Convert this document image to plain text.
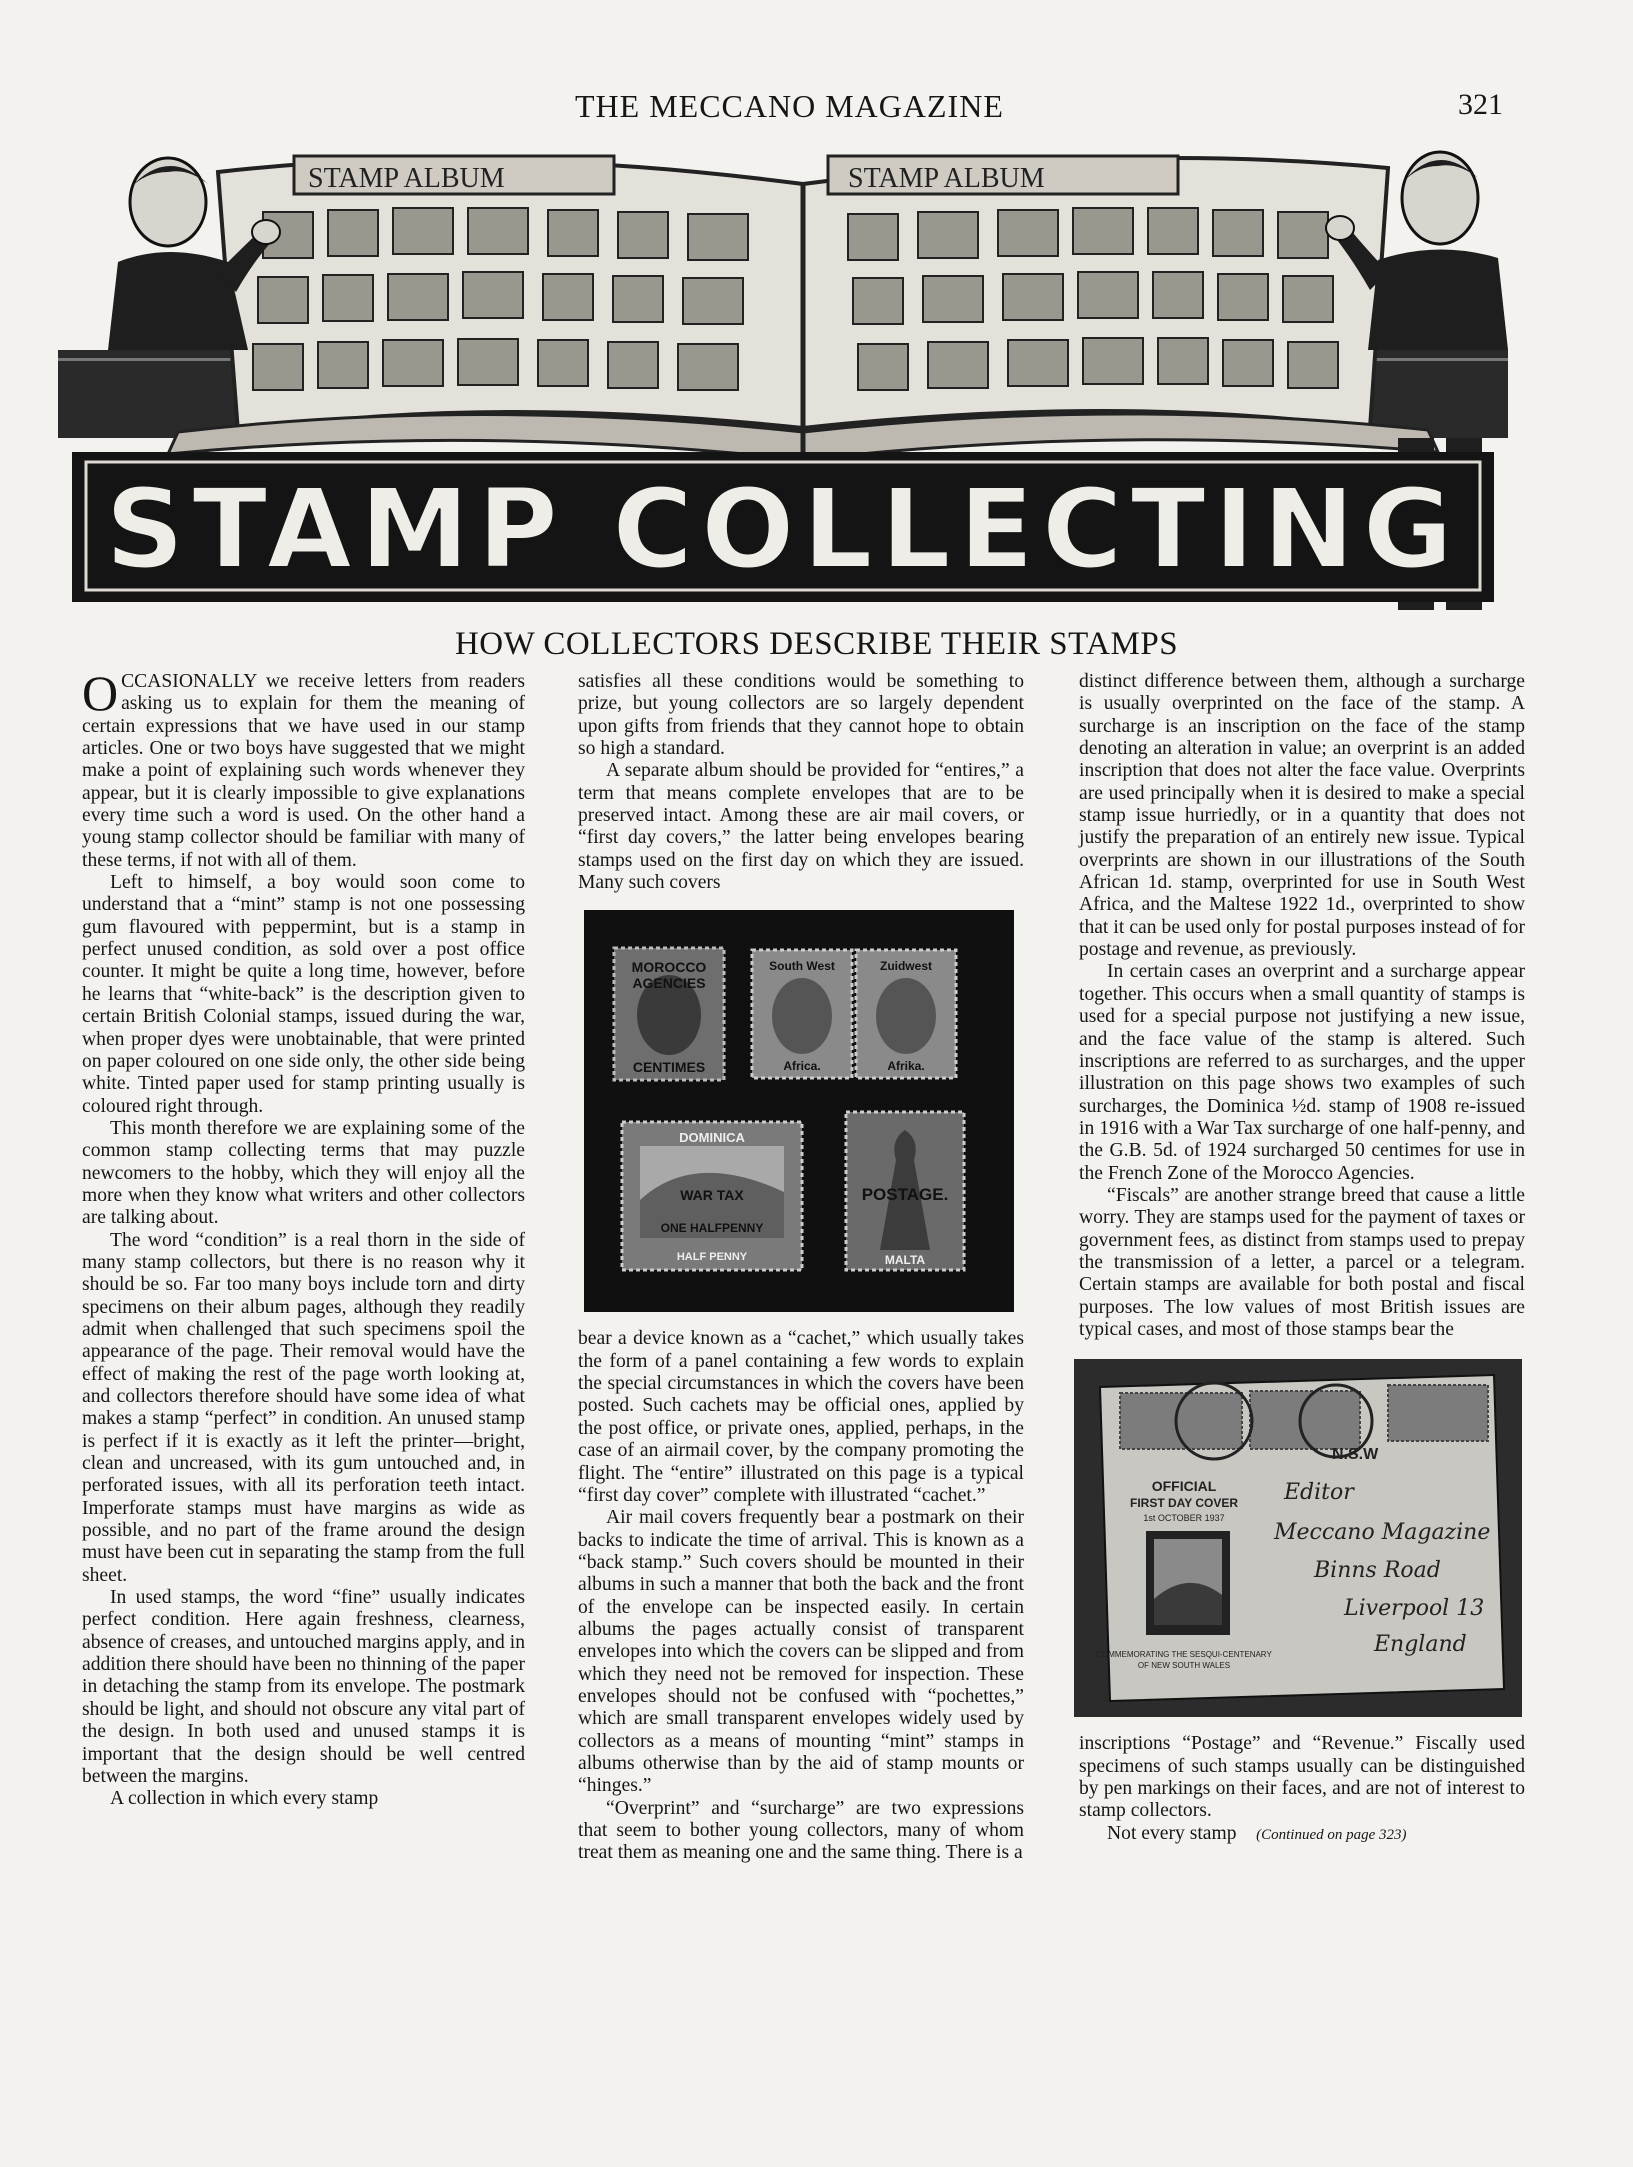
THE MECCANO MAGAZINE	321
STAMP ALBUM	STAMP ALBUM
STAMP COLLECTING
HOW COLLECTORS DESCRIBE THEIR STAMPS

OCCASIONALLY we receive letters from readers asking us to explain for them the meaning of certain expressions that we have used in our stamp articles. One or two boys have suggested that we might make a point of explaining such words whenever they appear, but it is clearly impossible to give explanations every time such a word is used. On the other hand a young stamp collector should be familiar with many of these terms, if not with all of them.

Left to himself, a boy would soon come to understand that a “mint” stamp is not one possessing gum flavoured with peppermint, but is a stamp in perfect unused condition, as sold over a post office counter. It might be quite a long time, however, before he learns that “white-back” is the description given to certain British Colonial stamps, issued during the war, when proper dyes were unobtainable, that were printed on paper coloured on one side only, the other side being white. Tinted paper used for stamp printing usually is coloured right through.

This month therefore we are explaining some of the common stamp collecting terms that may puzzle newcomers to the hobby, which they will enjoy all the more when they know what writers and other collectors are talking about.

The word “condition” is a real thorn in the side of many stamp collectors, but there is no reason why it should be so. Far too many boys include torn and dirty specimens on their album pages, although they readily admit when challenged that such specimens spoil the appearance of the page. Their removal would have the effect of making the rest of the page worth looking at, and collectors therefore should have some idea of what makes a stamp “perfect” in condition. An unused stamp is perfect if it is exactly as it left the printer—bright, clean and uncreased, with its gum untouched and, in perforated issues, with all its perforation teeth intact. Imperforate stamps must have margins as wide as possible, and no part of the frame around the design must have been cut in separating the stamp from the full sheet.

In used stamps, the word “fine” usually indicates perfect condition. Here again freshness, clearness, absence of creases, and untouched margins apply, and in addition there should have been no thinning of the paper in detaching the stamp from its envelope. The postmark should be light, and should not obscure any vital part of the design. In both used and unused stamps it is important that the design should be well centred between the margins.

A collection in which every stamp

satisfies all these conditions would be something to prize, but young collectors are so largely dependent upon gifts from friends that they cannot hope to obtain so high a standard.

A separate album should be provided for “entires,” a term that means complete envelopes that are to be preserved intact. Among these are air mail covers, or “first day covers,” the latter being envelopes bearing stamps used on the first day on which they are issued. Many such covers

MOROCCO
AGENCIES
CENTIMES
South West
Africa.
Zuidwest
Afrika.
DOMINICA
WAR TAX
ONE HALFPENNY
HALF PENNY
POSTAGE.
MALTA

bear a device known as a “cachet,” which usually takes the form of a panel containing a few words to explain the special circumstances in which the covers have been posted. Such cachets may be official ones, applied by the post office, or private ones, applied, perhaps, in the case of an airmail cover, by the company promoting the flight. The “entire” illustrated on this page is a typical “first day cover” complete with illustrated “cachet.”

Air mail covers frequently bear a postmark on their backs to indicate the time of arrival. This is known as a “back stamp.” Such covers should be mounted in their albums in such a manner that both the back and the front of the envelope can be inspected easily. In certain albums the pages actually consist of transparent envelopes into which the covers can be slipped and from which they need not be removed for inspection. These envelopes should not be confused with “pochettes,” which are small transparent envelopes widely used by collectors as a means of mounting “mint” stamps in albums otherwise than by the aid of stamp mounts or “hinges.”

“Overprint” and “surcharge” are two expressions that seem to bother young collectors, many of whom treat them as meaning one and the same thing. There is a

distinct difference between them, although a surcharge is usually overprinted on the face of the stamp. A surcharge is an inscription on the face of the stamp denoting an alteration in value; an overprint is an added inscription that does not alter the face value. Overprints are used principally when it is desired to make a special stamp issue hurriedly, or in a quantity that does not justify the preparation of an entirely new issue. Typical overprints are shown in our illustrations of the South African 1d. stamp, overprinted for use in South West Africa, and the Maltese 1922 1d., overprinted to show that it can be used only for postal purposes instead of for postage and revenue, as previously.

In certain cases an overprint and a surcharge appear together. This occurs when a small quantity of stamps is used for a special purpose not justifying a new issue, and the face value of the stamp is altered. Such inscriptions are referred to as surcharges, and the upper illustration on this page shows two examples of such surcharges, the Dominica ½d. stamp of 1908 re-issued in 1916 with a War Tax surcharge of one half-penny, and the G.B. 5d. of 1924 surcharged 50 centimes for use in the French Zone of the Morocco Agencies.

“Fiscals” are another strange breed that cause a little worry. They are stamps used for the payment of taxes or government fees, as distinct from stamps used to prepay the transmission of a letter, a parcel or a telegram. Certain stamps are available for both postal and fiscal purposes. The low values of most British issues are typical cases, and most of those stamps bear the

N.S.W
OFFICIAL
FIRST DAY COVER
1st OCTOBER 1937
COMMEMORATING THE SESQUI-CENTENARY
OF NEW SOUTH WALES
Editor
Meccano Magazine
Binns Road
Liverpool 13
England

inscriptions “Postage” and “Revenue.” Fiscally used specimens of such stamps usually can be distinguished by pen markings on their faces, and are not of interest to stamp collectors.

Not every stamp (Continued on page 323)
